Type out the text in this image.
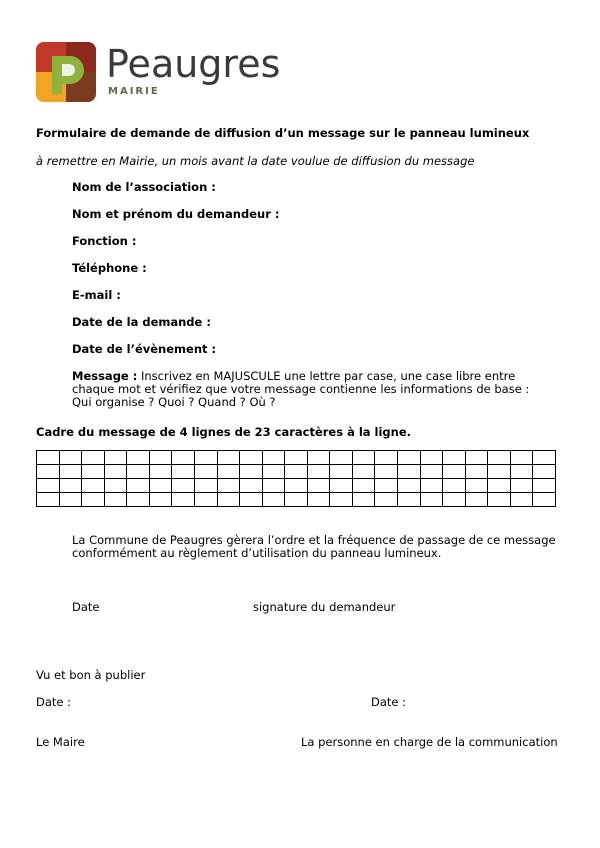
Peaugres
MAIRIE
Formulaire de demande de diffusion d’un message sur le panneau lumineux
à remettre en Mairie, un mois avant la date voulue de diffusion du message
Nom de l’association :
Nom et prénom du demandeur :
Fonction :
Téléphone :
E-mail :
Date de la demande :
Date de l’évènement :
Message : Inscrivez en MAJUSCULE une lettre par case, une case libre entre chaque mot et vérifiez que votre message contienne les informations de base :
Qui organise ? Quoi ? Quand ? Où ?
Cadre du message de 4 lignes de 23 caractères à la ligne.

La Commune de Peaugres gèrera l’ordre et la fréquence de passage de ce message conformément au règlement d’utilisation du panneau lumineux.
Date	signature du demandeur
Vu et bon à publier
Date :	Date :
Le Maire	La personne en charge de la communication
